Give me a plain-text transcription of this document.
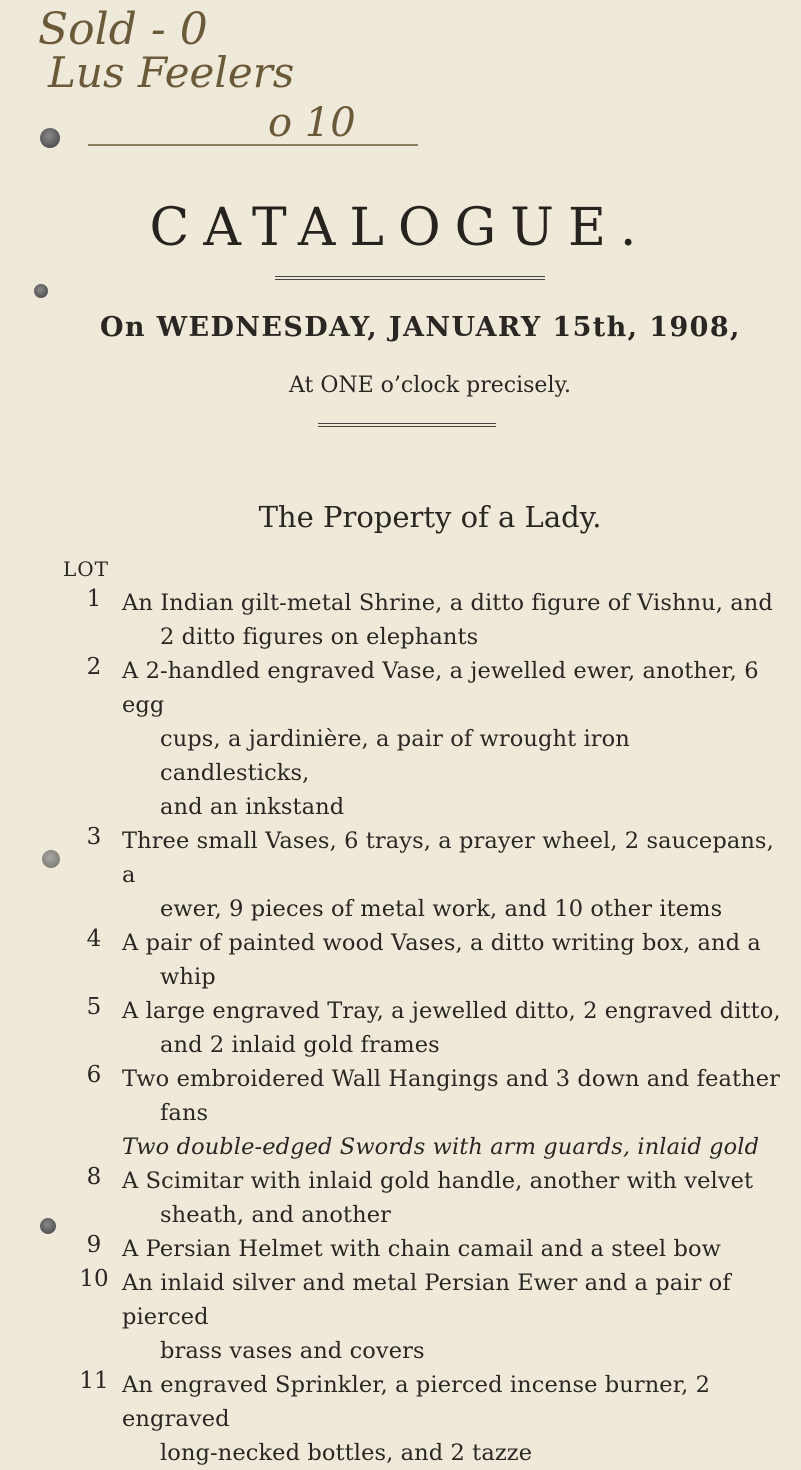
Sold - 0
Lus Feelers
o 10
CATALOGUE.
On WEDNESDAY, JANUARY 15th, 1908,
At ONE o’clock precisely.
The Property of a Lady.
LOT
1 An Indian gilt-metal Shrine, a ditto figure of Vishnu, and
2 ditto figures on elephants
2 A 2-handled engraved Vase, a jewelled ewer, another, 6 egg
cups, a jardinière, a pair of wrought iron candlesticks,
and an inkstand
3 Three small Vases, 6 trays, a prayer wheel, 2 saucepans, a
ewer, 9 pieces of metal work, and 10 other items
4 A pair of painted wood Vases, a ditto writing box, and a
whip
5 A large engraved Tray, a jewelled ditto, 2 engraved ditto,
and 2 inlaid gold frames
6 Two embroidered Wall Hangings and 3 down and feather
fans
Two double-edged Swords with arm guards, inlaid gold
8 A Scimitar with inlaid gold handle, another with velvet
sheath, and another
9 A Persian Helmet with chain camail and a steel bow
10 An inlaid silver and metal Persian Ewer and a pair of pierced
brass vases and covers
11 An engraved Sprinkler, a pierced incense burner, 2 engraved
long-necked bottles, and 2 tazze
